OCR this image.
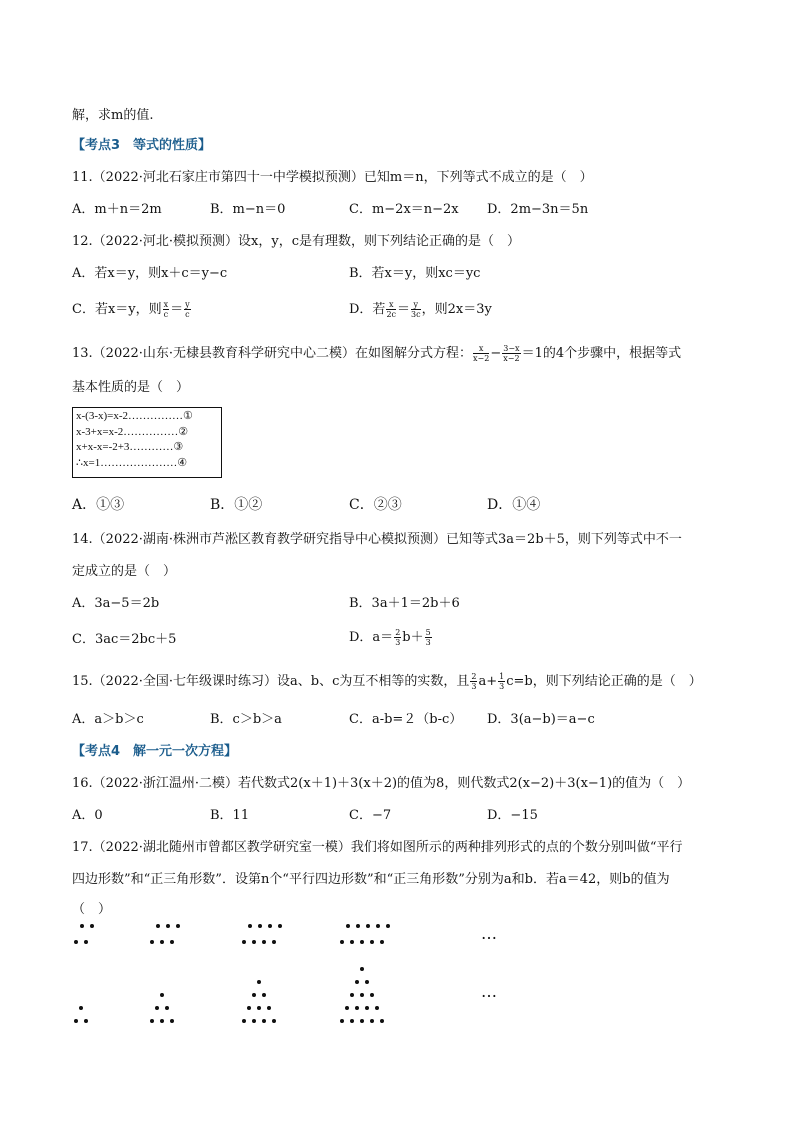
解，求m的值.
【考点3　等式的性质】
11.（2022·河北石家庄市第四十一中学模拟预测）已知m＝n，下列等式不成立的是（　）
A．m＋n＝2m	B．m−n＝0	C．m−2x＝n−2x D．2m−3n＝5n
12.（2022·河北·模拟预测）设x，y，c是有理数，则下列结论正确的是（　）
A．若x＝y，则x＋c＝y−c	B．若x＝y，则xc＝yc
C．若x＝y，则 $\frac{x}{c} = \frac{y}{c}$	D．若 $\frac{x}{2c} = \frac{y}{3c}$ ，则2x＝3y
13.（2022·山东·无棣县教育科学研究中心二模）在如图解分式方程： $\frac{x}{x-2} - \frac{3-x}{x-2} =1$的4个步骤中，根据等式
基本性质的是（　）
x-(3-x)=x-2……………①
x-3+x=x-2……………②
x+x-x=-2+3…………③
∴x=1…………………④
A．①③	B．①②	C．②③	D．①④
14.（2022·湖南·株洲市芦淞区教育教学研究指导中心模拟预测）已知等式3a＝2b＋5，则下列等式中不一
定成立的是（　）
A．3a−5＝2b	B．3a＋1＝2b＋6
C．3ac＝2bc＋5	D．$a= \frac{2}{3} b+ \frac{5}{3}$
15.（2022·全国·七年级课时练习）设a、b、c为互不相等的实数，且 $\frac{2}{3} a+ \frac{1}{3} c=b$，则下列结论正确的是（　）
A．a＞b＞c	B．c＞b＞a	C．a-b=２（b-c） D．3(a−b)＝a−c
【考点4　解一元一次方程】
16.（2022·浙江温州·二模）若代数式2(x＋1)＋3(x＋2)的值为8，则代数式2(x−2)＋3(x−1)的值为（　）
A．0	B．11	C．−7	D．−15
17.（2022·湖北随州市曾都区教学研究室一模）我们将如图所示的两种排列形式的点的个数分别叫做“平行
四边形数”和“正三角形数”．设第n个“平行四边形数”和“正三角形数”分别为a和b．若a＝42，则b的值为
（　）
…
…
